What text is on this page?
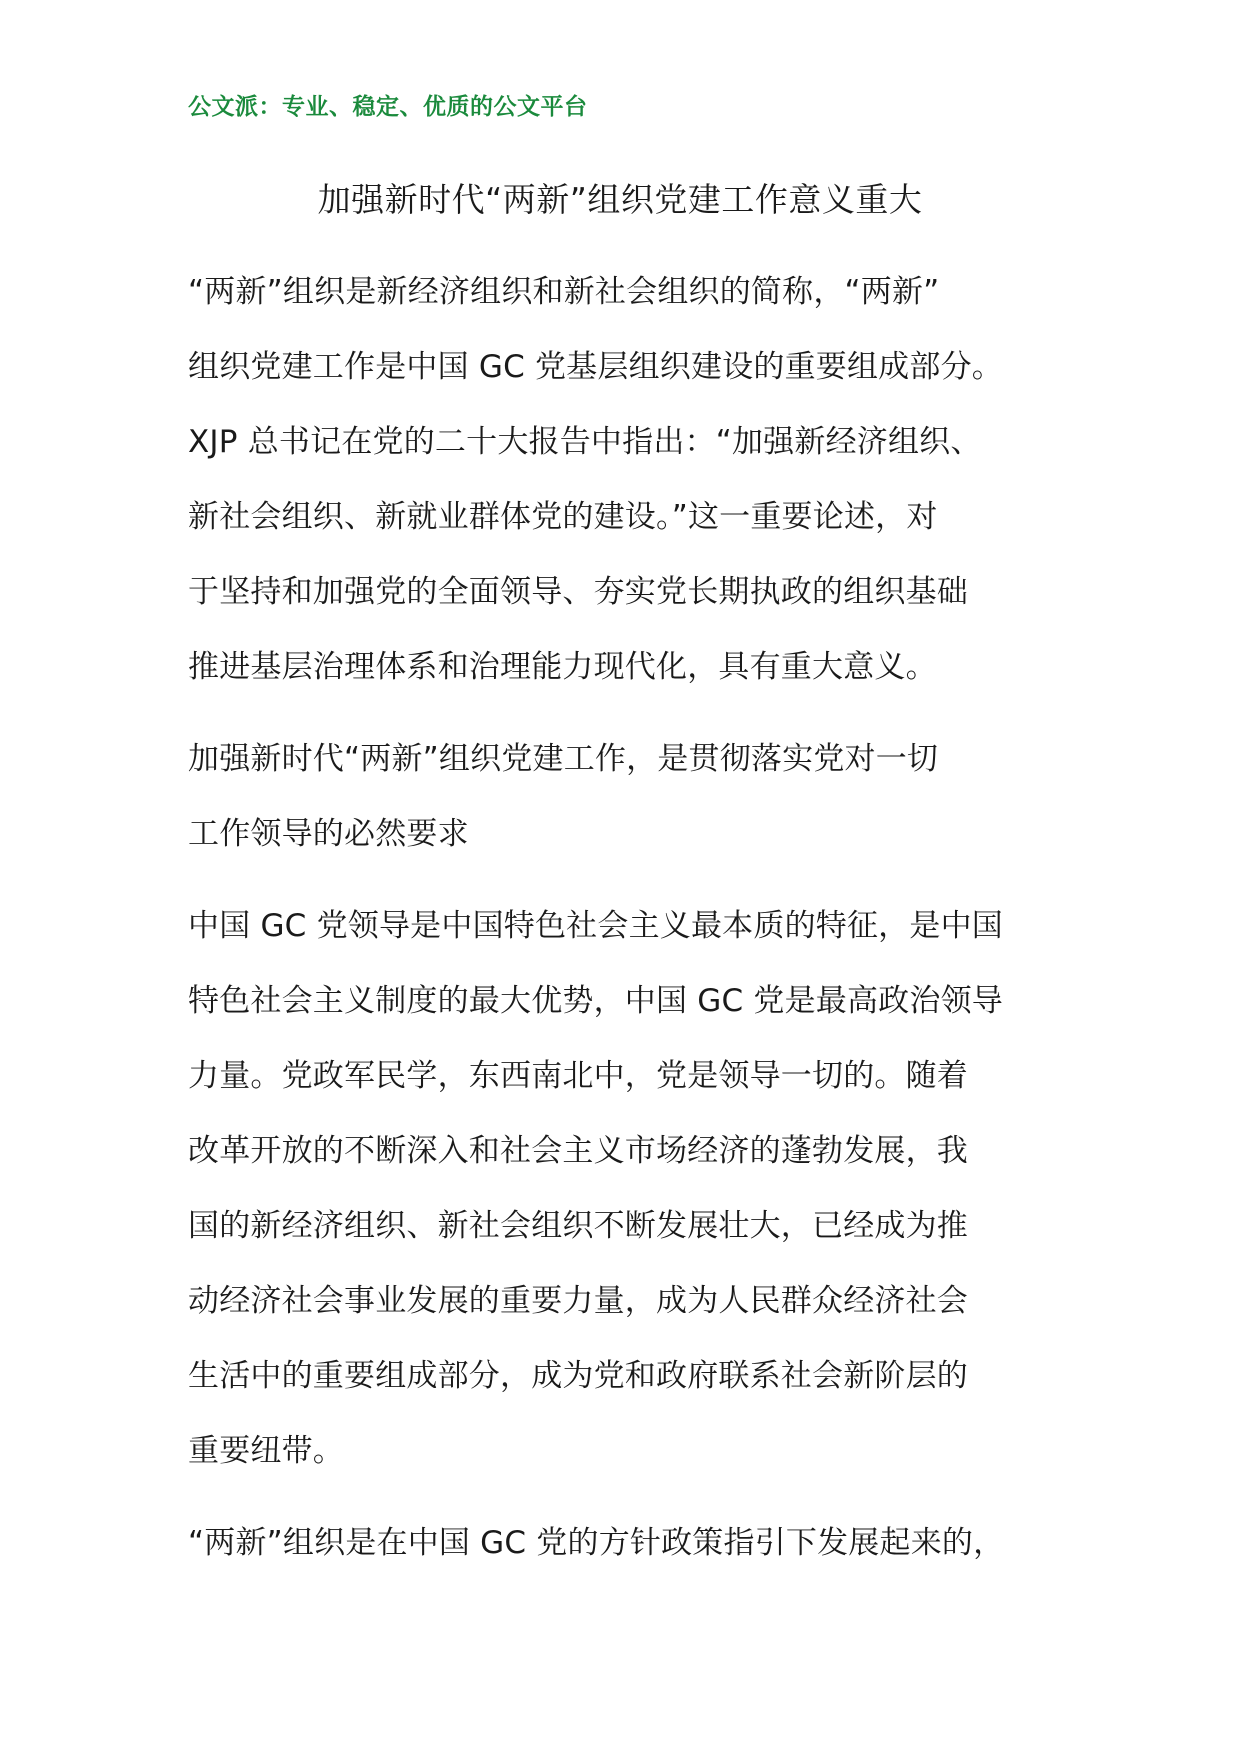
公文派：专业、稳定、优质的公文平台
加强新时代“两新”组织党建工作意义重大

“两新”组织是新经济组织和新社会组织的简称，“两新”
组织党建工作是中国 GC 党基层组织建设的重要组成部分。
XJP 总书记在党的二十大报告中指出：“加强新经济组织、
新社会组织、新就业群体党的建设。”这一重要论述，对
于坚持和加强党的全面领导、夯实党长期执政的组织基础
推进基层治理体系和治理能力现代化，具有重大意义。

加强新时代“两新”组织党建工作，是贯彻落实党对一切
工作领导的必然要求

中国 GC 党领导是中国特色社会主义最本质的特征，是中国
特色社会主义制度的最大优势，中国 GC 党是最高政治领导
力量。党政军民学，东西南北中，党是领导一切的。随着
改革开放的不断深入和社会主义市场经济的蓬勃发展，我
国的新经济组织、新社会组织不断发展壮大，已经成为推
动经济社会事业发展的重要力量，成为人民群众经济社会
生活中的重要组成部分，成为党和政府联系社会新阶层的
重要纽带。

“两新”组织是在中国 GC 党的方针政策指引下发展起来的，
